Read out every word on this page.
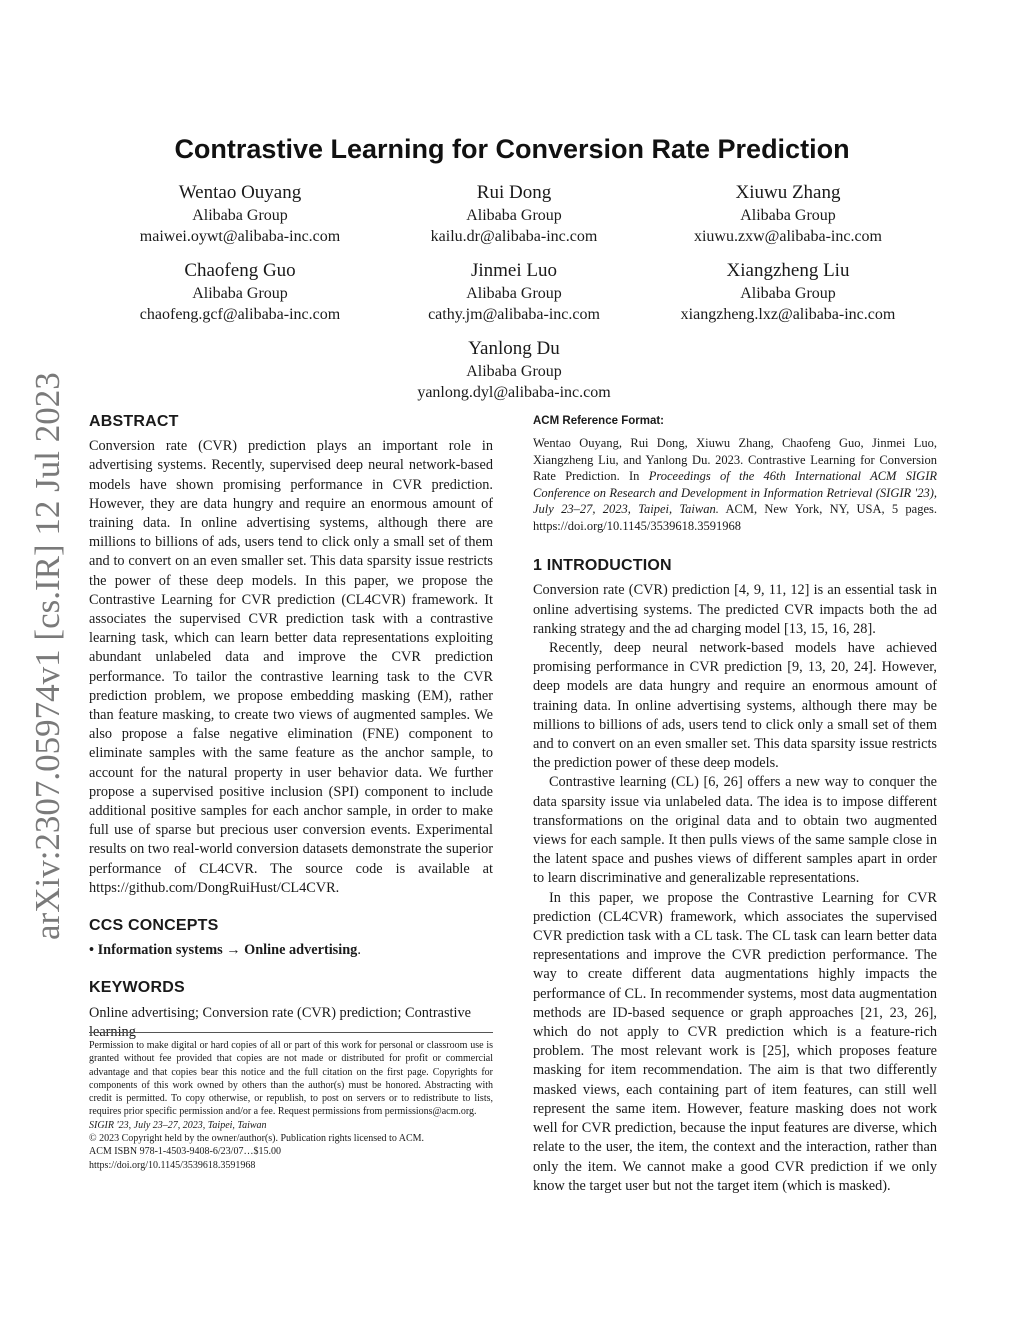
arXiv:2307.05974v1 [cs.IR] 12 Jul 2023
Contrastive Learning for Conversion Rate Prediction
Wentao Ouyang
Alibaba Group
maiwei.oywt@alibaba-inc.com
Rui Dong
Alibaba Group
kailu.dr@alibaba-inc.com
Xiuwu Zhang
Alibaba Group
xiuwu.zxw@alibaba-inc.com
Chaofeng Guo
Alibaba Group
chaofeng.gcf@alibaba-inc.com
Jinmei Luo
Alibaba Group
cathy.jm@alibaba-inc.com
Xiangzheng Liu
Alibaba Group
xiangzheng.lxz@alibaba-inc.com
Yanlong Du
Alibaba Group
yanlong.dyl@alibaba-inc.com
ABSTRACT

Conversion rate (CVR) prediction plays an important role in advertising systems. Recently, supervised deep neural network-based models have shown promising performance in CVR prediction. However, they are data hungry and require an enormous amount of training data. In online advertising systems, although there are millions to billions of ads, users tend to click only a small set of them and to convert on an even smaller set. This data sparsity issue restricts the power of these deep models. In this paper, we propose the Contrastive Learning for CVR prediction (CL4CVR) framework. It associates the supervised CVR prediction task with a contrastive learning task, which can learn better data representations exploiting abundant unlabeled data and improve the CVR prediction performance. To tailor the contrastive learning task to the CVR prediction problem, we propose embedding masking (EM), rather than feature masking, to create two views of augmented samples. We also propose a false negative elimination (FNE) component to eliminate samples with the same feature as the anchor sample, to account for the natural property in user behavior data. We further propose a supervised positive inclusion (SPI) component to include additional positive samples for each anchor sample, in order to make full use of sparse but precious user conversion events. Experimental results on two real-world conversion datasets demonstrate the superior performance of CL4CVR. The source code is available at https://github.com/DongRuiHust/CL4CVR.

CCS CONCEPTS

• Information systems → Online advertising.

KEYWORDS

Online advertising; Conversion rate (CVR) prediction; Contrastive learning

Permission to make digital or hard copies of all or part of this work for personal or classroom use is granted without fee provided that copies are not made or distributed for profit or commercial advantage and that copies bear this notice and the full citation on the first page. Copyrights for components of this work owned by others than the author(s) must be honored. Abstracting with credit is permitted. To copy otherwise, or republish, to post on servers or to redistribute to lists, requires prior specific permission and/or a fee. Request permissions from permissions@acm.org.

SIGIR '23, July 23–27, 2023, Taipei, Taiwan

© 2023 Copyright held by the owner/author(s). Publication rights licensed to ACM.

ACM ISBN 978-1-4503-9408-6/23/07…$15.00

https://doi.org/10.1145/3539618.3591968

ACM Reference Format:

Wentao Ouyang, Rui Dong, Xiuwu Zhang, Chaofeng Guo, Jinmei Luo, Xiangzheng Liu, and Yanlong Du. 2023. Contrastive Learning for Conversion Rate Prediction. In Proceedings of the 46th International ACM SIGIR Conference on Research and Development in Information Retrieval (SIGIR '23), July 23–27, 2023, Taipei, Taiwan. ACM, New York, NY, USA, 5 pages. https://doi.org/10.1145/3539618.3591968

1 INTRODUCTION

Conversion rate (CVR) prediction [4, 9, 11, 12] is an essential task in online advertising systems. The predicted CVR impacts both the ad ranking strategy and the ad charging model [13, 15, 16, 28].

Recently, deep neural network-based models have achieved promising performance in CVR prediction [9, 13, 20, 24]. However, deep models are data hungry and require an enormous amount of training data. In online advertising systems, although there may be millions to billions of ads, users tend to click only a small set of them and to convert on an even smaller set. This data sparsity issue restricts the prediction power of these deep models.

Contrastive learning (CL) [6, 26] offers a new way to conquer the data sparsity issue via unlabeled data. The idea is to impose different transformations on the original data and to obtain two augmented views for each sample. It then pulls views of the same sample close in the latent space and pushes views of different samples apart in order to learn discriminative and generalizable representations.

In this paper, we propose the Contrastive Learning for CVR prediction (CL4CVR) framework, which associates the supervised CVR prediction task with a CL task. The CL task can learn better data representations and improve the CVR prediction performance. The way to create different data augmentations highly impacts the performance of CL. In recommender systems, most data augmentation methods are ID-based sequence or graph approaches [21, 23, 26], which do not apply to CVR prediction which is a feature-rich problem. The most relevant work is [25], which proposes feature masking for item recommendation. The aim is that two differently masked views, each containing part of item features, can still well represent the same item. However, feature masking does not work well for CVR prediction, because the input features are diverse, which relate to the user, the item, the context and the interaction, rather than only the item. We cannot make a good CVR prediction if we only know the target user but not the target item (which is masked).
